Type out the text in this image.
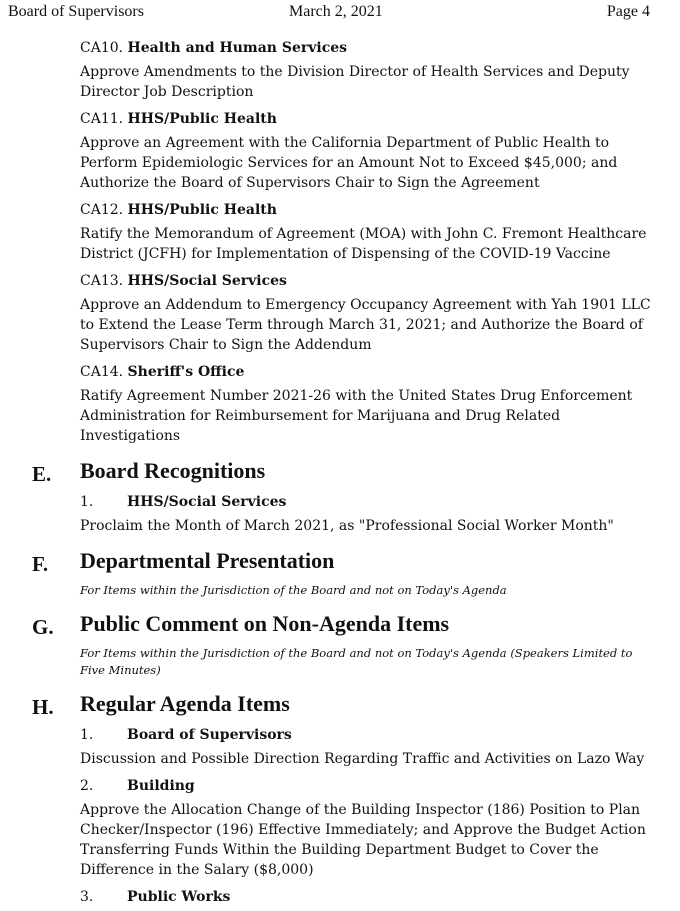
Board of Supervisors	March 2, 2021	Page 4
CA10. Health and Human Services
Approve Amendments to the Division Director of Health Services and Deputy Director Job Description
CA11. HHS/Public Health
Approve an Agreement with the California Department of Public Health to Perform Epidemiologic Services for an Amount Not to Exceed $45,000; and Authorize the Board of Supervisors Chair to Sign the Agreement
CA12. HHS/Public Health
Ratify the Memorandum of Agreement (MOA) with John C. Fremont Healthcare District (JCFH) for Implementation of Dispensing of the COVID-19 Vaccine
CA13. HHS/Social Services
Approve an Addendum to Emergency Occupancy Agreement with Yah 1901 LLC to Extend the Lease Term through March 31, 2021; and Authorize the Board of Supervisors Chair to Sign the Addendum
CA14. Sheriff's Office
Ratify Agreement Number 2021-26 with the United States Drug Enforcement Administration for Reimbursement for Marijuana and Drug Related Investigations
E. Board Recognitions
1. HHS/Social Services
Proclaim the Month of March 2021, as "Professional Social Worker Month"
F. Departmental Presentation
For Items within the Jurisdiction of the Board and not on Today's Agenda
G. Public Comment on Non-Agenda Items
For Items within the Jurisdiction of the Board and not on Today's Agenda (Speakers Limited to Five Minutes)
H. Regular Agenda Items
1. Board of Supervisors
Discussion and Possible Direction Regarding Traffic and Activities on Lazo Way
2. Building
Approve the Allocation Change of the Building Inspector (186) Position to Plan Checker/Inspector (196) Effective Immediately; and Approve the Budget Action Transferring Funds Within the Building Department Budget to Cover the Difference in the Salary ($8,000)
3. Public Works
